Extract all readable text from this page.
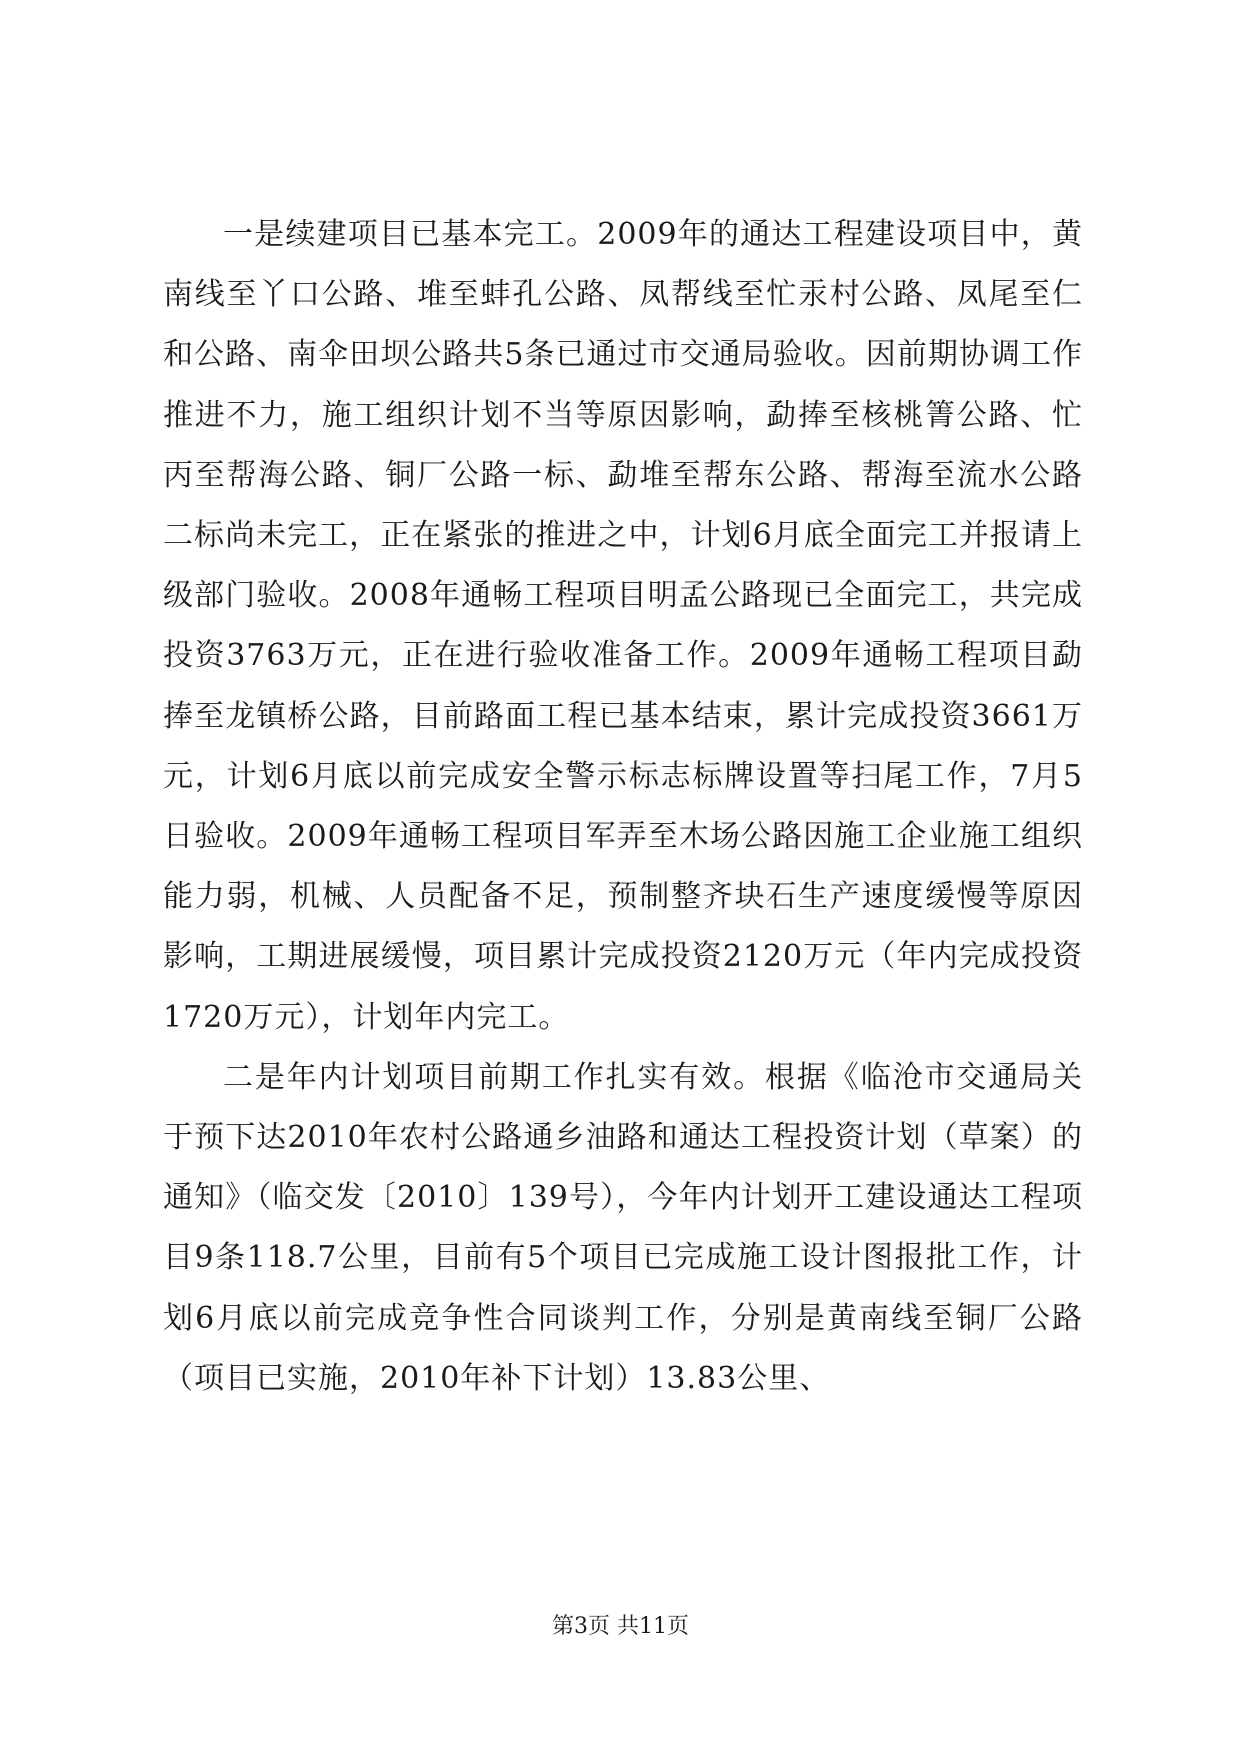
一是续建项目已基本完工。2009年的通达工程建设项目中，黄南线至丫口公路、堆至蚌孔公路、凤帮线至忙汞村公路、凤尾至仁和公路、南伞田坝公路共5条已通过市交通局验收。因前期协调工作推进不力，施工组织计划不当等原因影响，勐捧至核桃箐公路、忙丙至帮海公路、铜厂公路一标、勐堆至帮东公路、帮海至流水公路二标尚未完工，正在紧张的推进之中，计划6月底全面完工并报请上级部门验收。2008年通畅工程项目明孟公路现已全面完工，共完成投资3763万元，正在进行验收准备工作。2009年通畅工程项目勐捧至龙镇桥公路，目前路面工程已基本结束，累计完成投资3661万元，计划6月底以前完成安全警示标志标牌设置等扫尾工作，7月5日验收。2009年通畅工程项目军弄至木场公路因施工企业施工组织能力弱，机械、人员配备不足，预制整齐块石生产速度缓慢等原因影响，工期进展缓慢，项目累计完成投资2120万元（年内完成投资1720万元），计划年内完工。

二是年内计划项目前期工作扎实有效。根据《临沧市交通局关于预下达2010年农村公路通乡油路和通达工程投资计划（草案）的通知》（临交发〔2010〕139号），今年内计划开工建设通达工程项目9条118.7公里，目前有5个项目已完成施工设计图报批工作，计划6月底以前完成竞争性合同谈判工作，分别是黄南线至铜厂公路（项目已实施，2010年补下计划）13.83公里、

第3页 共11页
